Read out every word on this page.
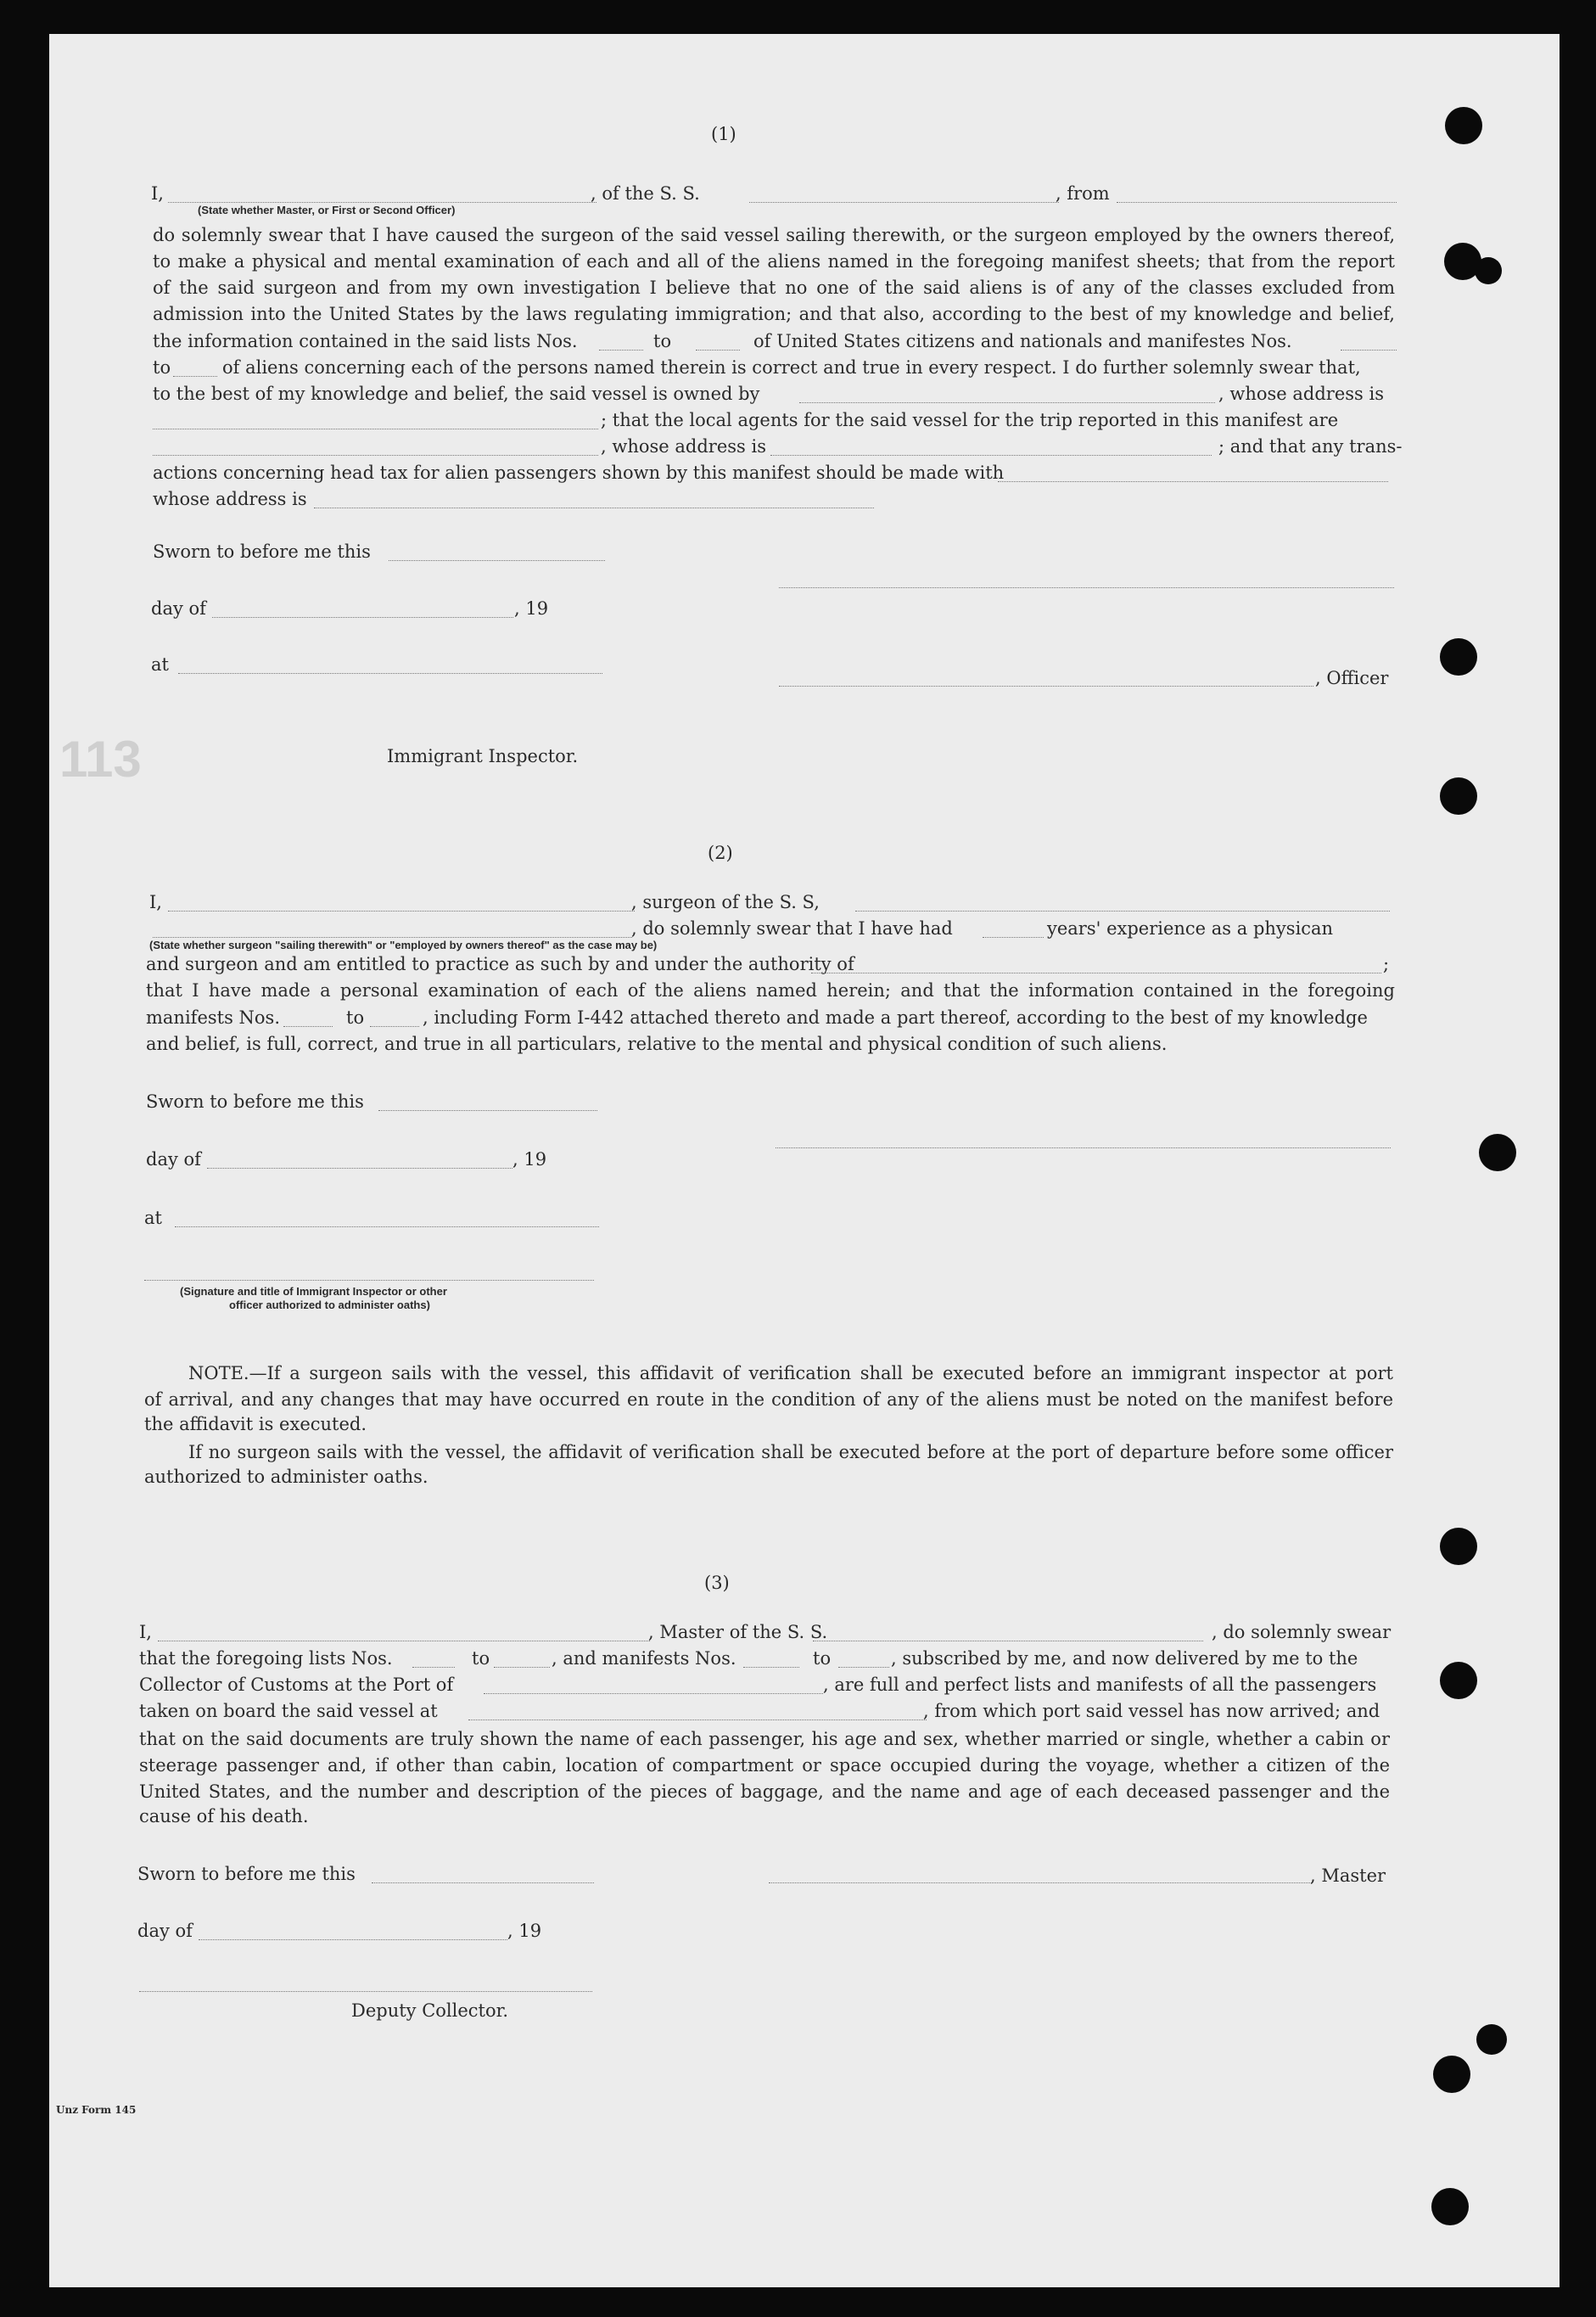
113
(1)
I,	, of the S. S.	, from
(State whether Master, or First or Second Officer)
do solemnly swear that I have caused the surgeon of the said vessel sailing therewith, or the surgeon employed by the owners thereof,
to make a physical and mental examination of each and all of the aliens named in the foregoing manifest sheets; that from the report
of the said surgeon and from my own investigation I believe that no one of the said aliens is of any of the classes excluded from
admission into the United States by the laws regulating immigration; and that also, according to the best of my knowledge and belief,
the information contained in the said lists Nos.	to	of United States citizens and nationals and manifestes Nos.
to	of aliens concerning each of the persons named therein is correct and true in every respect. I do further solemnly swear that,
to the best of my knowledge and belief, the said vessel is owned by	, whose address is
; that the local agents for the said vessel for the trip reported in this manifest are
, whose address is	; and that any trans-
actions concerning head tax for alien passengers shown by this manifest should be made with
whose address is
Sworn to before me this
day of	, 19
at
, Officer
Immigrant Inspector.
(2)
I,	, surgeon of the S. S,
, do solemnly swear that I have had	years' experience as a physican
(State whether surgeon "sailing therewith" or "employed by owners thereof" as the case may be)
and surgeon and am entitled to practice as such by and under the authority of	;
that I have made a personal examination of each of the aliens named herein; and that the information contained in the foregoing
manifests Nos.	to	, including Form I-442 attached thereto and made a part thereof, according to the best of my knowledge
and belief, is full, correct, and true in all particulars, relative to the mental and physical condition of such aliens.
Sworn to before me this
day of	, 19
at
(Signature and title of Immigrant Inspector or other
officer authorized to administer oaths)
NOTE.—If a surgeon sails with the vessel, this affidavit of verification shall be executed before an immigrant inspector at port
of arrival, and any changes that may have occurred en route in the condition of any of the aliens must be noted on the manifest before
the affidavit is executed.
If no surgeon sails with the vessel, the affidavit of verification shall be executed before at the port of departure before some officer
authorized to administer oaths.
(3)
I,	, Master of the S. S.	, do solemnly swear
that the foregoing lists Nos.	to	, and manifests Nos.	to	, subscribed by me, and now delivered by me to the
Collector of Customs at the Port of	, are full and perfect lists and manifests of all the passengers
taken on board the said vessel at	, from which port said vessel has now arrived; and
that on the said documents are truly shown the name of each passenger, his age and sex, whether married or single, whether a cabin or
steerage passenger and, if other than cabin, location of compartment or space occupied during the voyage, whether a citizen of the
United States, and the number and description of the pieces of baggage, and the name and age of each deceased passenger and the
cause of his death.
Sworn to before me this	, Master
day of	, 19
Deputy Collector.
Unz Form 145
